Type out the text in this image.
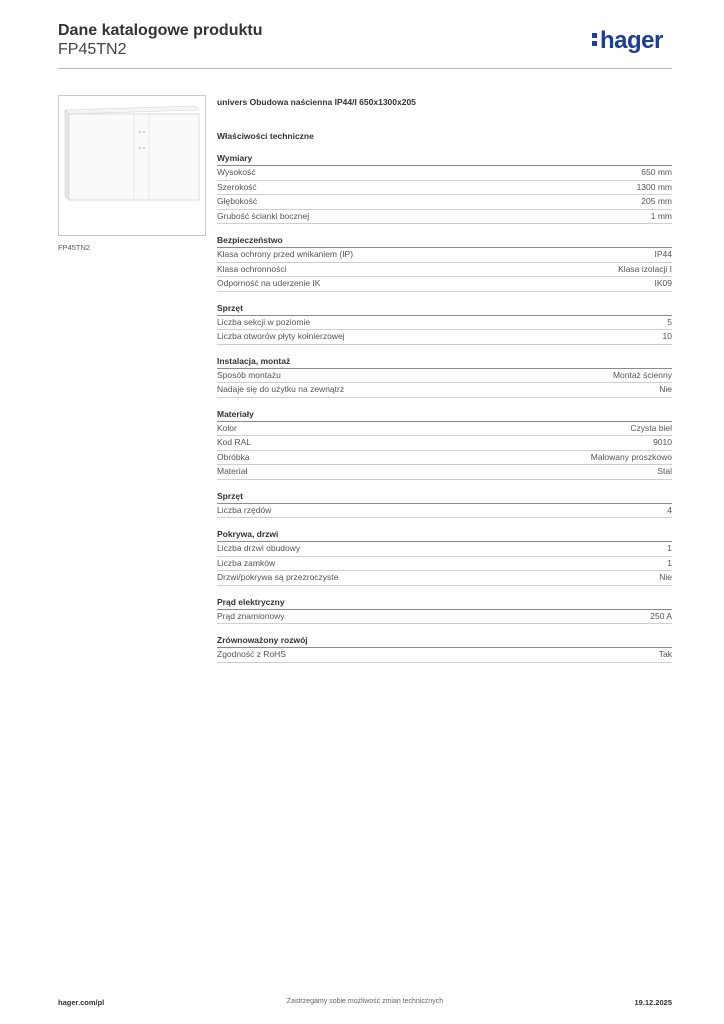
Dane katalogowe produktu
FP45TN2	hager
FP45TN2
univers Obudowa naścienna IP44/I 650x1300x205
Właściwości techniczne
Wymiary
Wysokość	650 mm
Szerokość	1300 mm
Głębokość	205 mm
Grubość ścianki bocznej	1 mm
Bezpieczeństwo
Klasa ochrony przed wnikaniem (IP)	IP44
Klasa ochronności	Klasa izolacji I
Odporność na uderzenie IK	IK09
Sprzęt
Liczba sekcji w poziomie	5
Liczba otworów płyty kołnierzowej	10
Instalacja, montaż
Sposób montażu	Montaż ścienny
Nadaje się do użytku na zewnątrz	Nie
Materiały
Kolor	Czysta biel
Kod RAL	9010
Obróbka	Malowany proszkowo
Materiał	Stal
Sprzęt
Liczba rzędów	4
Pokrywa, drzwi
Liczba drzwi obudowy	1
Liczba zamków	1
Drzwi/pokrywa są przezroczyste	Nie
Prąd elektryczny
Prąd znamionowy	250 A
Zrównoważony rozwój
Zgodność z RoHS	Tak
hager.com/pl	Zastrzegamy sobie możliwość zmian technicznych	19.12.2025
